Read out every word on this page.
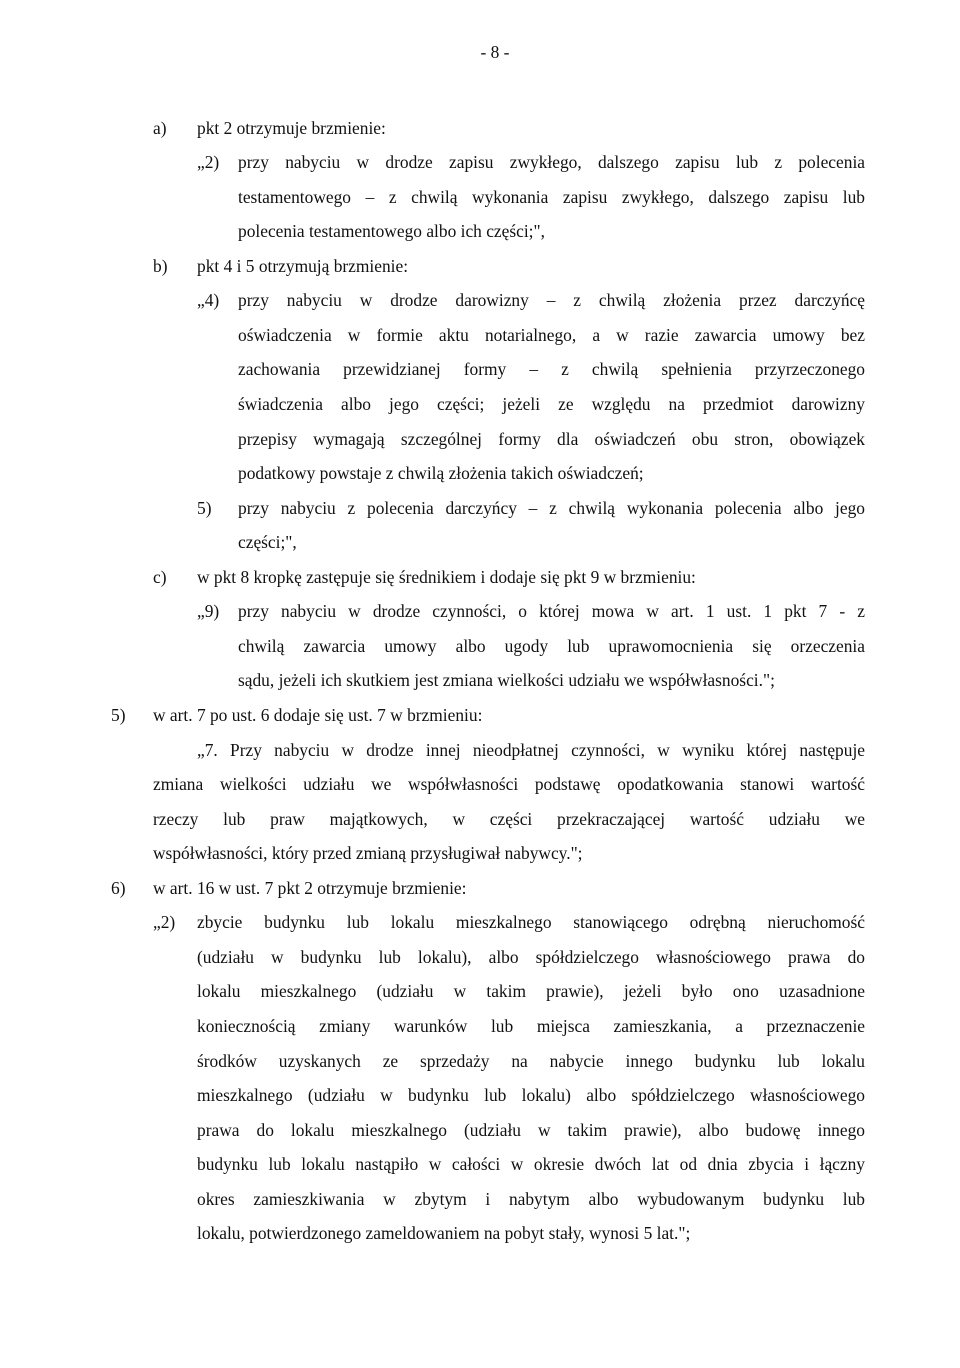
- 8 -
a) pkt 2 otrzymuje brzmienie:
„2) przy nabyciu w drodze zapisu zwykłego, dalszego zapisu lub z polecenia
testamentowego – z chwilą wykonania zapisu zwykłego, dalszego zapisu lub
polecenia testamentowego albo ich części;",
b) pkt 4 i 5 otrzymują brzmienie:
„4) przy nabyciu w drodze darowizny – z chwilą złożenia przez darczyńcę
oświadczenia w formie aktu notarialnego, a w razie zawarcia umowy bez
zachowania przewidzianej formy – z chwilą spełnienia przyrzeczonego
świadczenia albo jego części; jeżeli ze względu na przedmiot darowizny
przepisy wymagają szczególnej formy dla oświadczeń obu stron, obowiązek
podatkowy powstaje z chwilą złożenia takich oświadczeń;
5) przy nabyciu z polecenia darczyńcy – z chwilą wykonania polecenia albo jego
części;",
c) w pkt 8 kropkę zastępuje się średnikiem i dodaje się pkt 9 w brzmieniu:
„9) przy nabyciu w drodze czynności, o której mowa w art. 1 ust. 1 pkt 7 - z
chwilą zawarcia umowy albo ugody lub uprawomocnienia się orzeczenia
sądu, jeżeli ich skutkiem jest zmiana wielkości udziału we współwłasności.";
5) w art. 7 po ust. 6 dodaje się ust. 7 w brzmieniu:
„7. Przy nabyciu w drodze innej nieodpłatnej czynności, w wyniku której następuje
zmiana wielkości udziału we współwłasności podstawę opodatkowania stanowi wartość
rzeczy lub praw majątkowych, w części przekraczającej wartość udziału we
współwłasności, który przed zmianą przysługiwał nabywcy.";
6) w art. 16 w ust. 7 pkt 2 otrzymuje brzmienie:
„2) zbycie budynku lub lokalu mieszkalnego stanowiącego odrębną nieruchomość
(udziału w budynku lub lokalu), albo spółdzielczego własnościowego prawa do
lokalu mieszkalnego (udziału w takim prawie), jeżeli było ono uzasadnione
koniecznością zmiany warunków lub miejsca zamieszkania, a przeznaczenie
środków uzyskanych ze sprzedaży na nabycie innego budynku lub lokalu
mieszkalnego (udziału w budynku lub lokalu) albo spółdzielczego własnościowego
prawa do lokalu mieszkalnego (udziału w takim prawie), albo budowę innego
budynku lub lokalu nastąpiło w całości w okresie dwóch lat od dnia zbycia i łączny
okres zamieszkiwania w zbytym i nabytym albo wybudowanym budynku lub
lokalu, potwierdzonego zameldowaniem na pobyt stały, wynosi 5 lat.";
